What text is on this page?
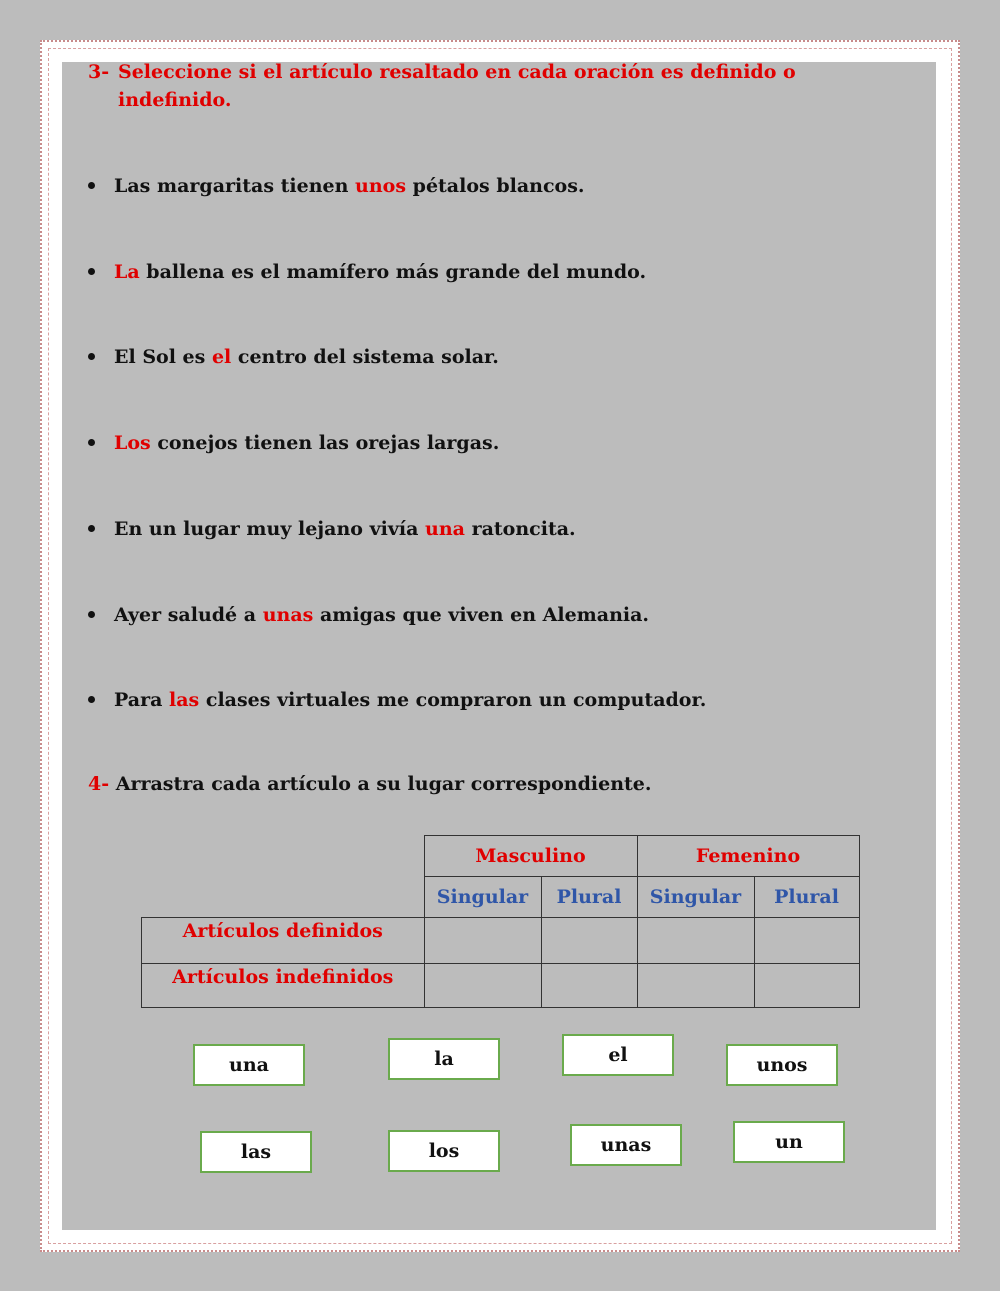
3- Seleccione si el artículo resaltado en cada oración es definido o
indefinido.
Las margaritas tienen unos pétalos blancos.
La ballena es el mamífero más grande del mundo.
El Sol es el centro del sistema solar.
Los conejos tienen las orejas largas.
En un lugar muy lejano vivía una ratoncita.
Ayer saludé a unas amigas que viven en Alemania.
Para las clases virtuales me compraron un computador.
4- Arrastra cada artículo a su lugar correspondiente.
	Masculino		Femenino	
	Singular	Plural	Singular	Plural
Artículos definidos				
Artículos indefinidos				
una	la	el	unos
las	los	unas	un
